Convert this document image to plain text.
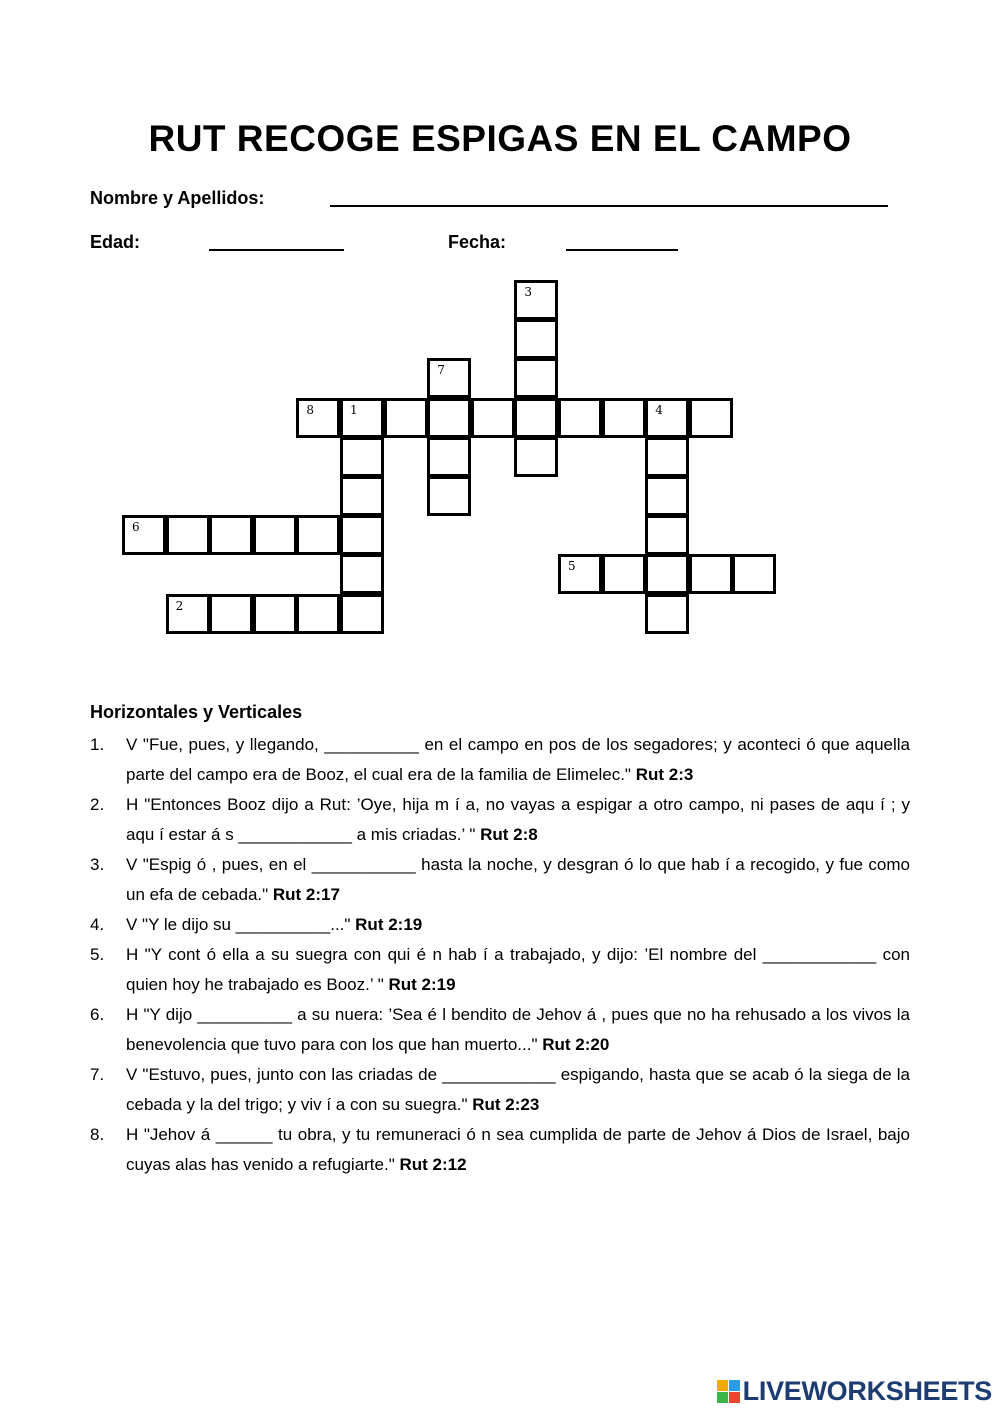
RUT RECOGE ESPIGAS EN EL CAMPO
Nombre y Apellidos:
Edad:	Fecha:
1
2
3
4
5
6
7
8
Horizontales y Verticales
1.	V "Fue, pues, y llegando, __________ en el campo en pos de los segadores; y aconteci ó que aquella parte del campo era de Booz, el cual era de la familia de Elimelec." Rut 2:3
2.	H "Entonces Booz dijo a Rut: ’Oye, hija m í a, no vayas a espigar a otro campo, ni pases de aqu í ; y aqu í estar á s ____________ a mis criadas.’ " Rut 2:8
3.	V "Espig ó , pues, en el ___________ hasta la noche, y desgran ó lo que hab í a recogido, y fue como un efa de cebada." Rut 2:17
4.	V "Y le dijo su __________..." Rut 2:19
5.	H "Y cont ó ella a su suegra con qui é n hab í a trabajado, y dijo: ’El nombre del ____________ con quien hoy he trabajado es Booz.’ " Rut 2:19
6.	H "Y dijo __________ a su nuera: ’Sea é l bendito de Jehov á , pues que no ha rehusado a los vivos la benevolencia que tuvo para con los que han muerto..." Rut 2:20
7.	V "Estuvo, pues, junto con las criadas de ____________ espigando, hasta que se acab ó la siega de la cebada y la del trigo; y viv í a con su suegra." Rut 2:23
8.	H "Jehov á ______ tu obra, y tu remuneraci ó n sea cumplida de parte de Jehov á Dios de Israel, bajo cuyas alas has venido a refugiarte." Rut 2:12
LIVEWORKSHEETS
